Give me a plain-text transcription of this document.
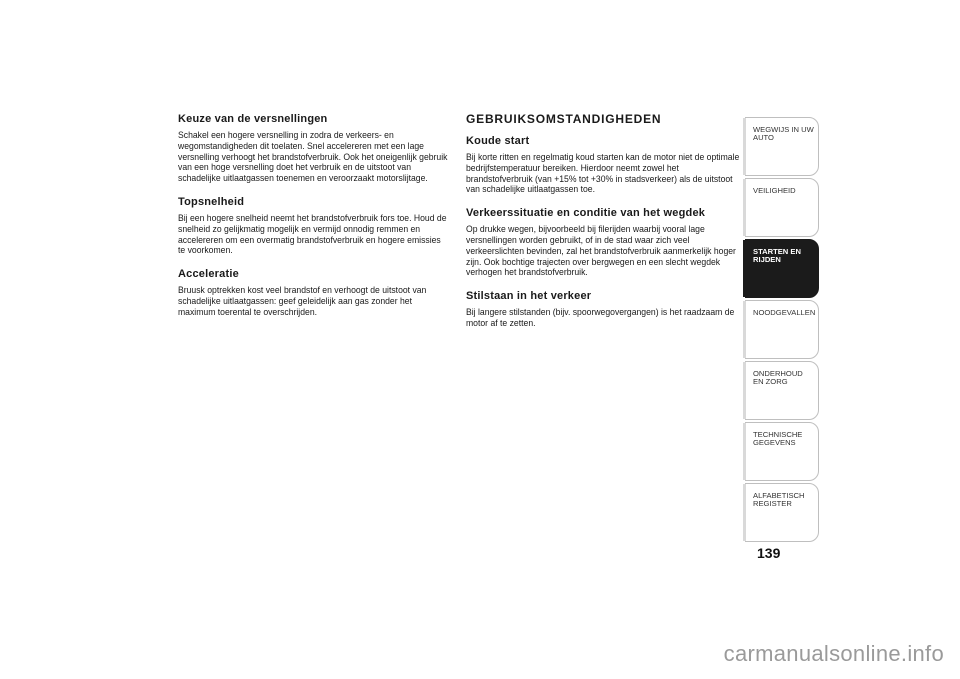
Keuze van de versnellingen

Schakel een hogere versnelling in zodra de verkeers- en wegomstandigheden dit toelaten. Snel accelereren met een lage versnelling verhoogt het brandstofverbruik. Ook het oneigenlijk gebruik van een hoge versnelling doet het verbruik en de uitstoot van schadelijke uitlaatgassen toenemen en veroorzaakt motorslijtage.

Topsnelheid

Bij een hogere snelheid neemt het brandstofverbruik fors toe. Houd de snelheid zo gelijkmatig mogelijk en vermijd onnodig remmen en accelereren om een overmatig brandstofverbruik en hogere emissies te voorkomen.

Acceleratie

Bruusk optrekken kost veel brandstof en verhoogt de uitstoot van schadelijke uitlaatgassen: geef geleidelijk aan gas zonder het maximum toerental te overschrijden.

GEBRUIKSOMSTANDIGHEDEN
Koude start

Bij korte ritten en regelmatig koud starten kan de motor niet de optimale bedrijfstemperatuur bereiken. Hierdoor neemt zowel het brandstofverbruik (van +15% tot +30% in stadsverkeer) als de uitstoot van schadelijke uitlaatgassen toe.

Verkeerssituatie en conditie van het wegdek

Op drukke wegen, bijvoorbeeld bij filerijden waarbij vooral lage versnellingen worden gebruikt, of in de stad waar zich veel verkeerslichten bevinden, zal het brandstofverbruik aanmerkelijk hoger zijn. Ook bochtige trajecten over bergwegen en een slecht wegdek verhogen het brandstofverbruik.

Stilstaan in het verkeer

Bij langere stilstanden (bijv. spoorwegovergangen) is het raadzaam de motor af te zetten.

WEGWIJS IN UW AUTO
VEILIGHEID
STARTEN EN RIJDEN
NOODGEVALLEN
ONDERHOUD EN ZORG
TECHNISCHE GEGEVENS
ALFABETISCH REGISTER
139
carmanualsonline.info
